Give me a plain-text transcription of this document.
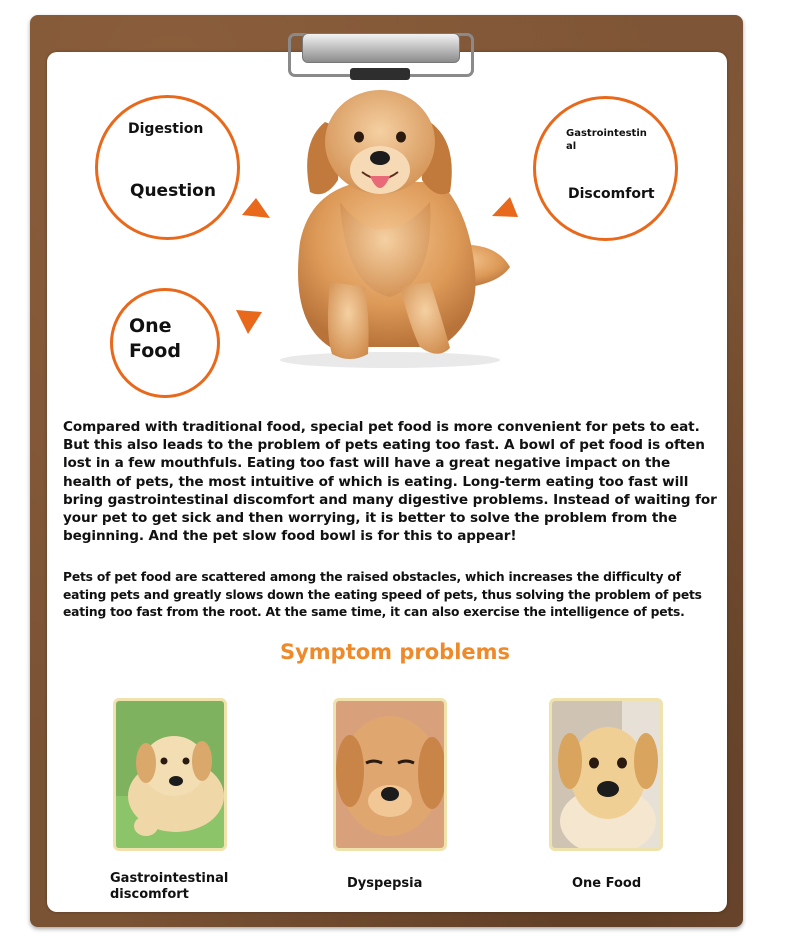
Digestion
Question
Gastrointestin
al
Discomfort
One
Food

Compared with traditional food, special pet food is more convenient for pets to eat. But this also leads to the problem of pets eating too fast. A bowl of pet food is often lost in a few mouthfuls. Eating too fast will have a great negative impact on the health of pets, the most intuitive of which is eating. Long-term eating too fast will bring gastrointestinal discomfort and many digestive problems. Instead of waiting for your pet to get sick and then worrying, it is better to solve the problem from the beginning. And the pet slow food bowl is for this to appear!

Pets of pet food are scattered among the raised obstacles, which increases the difficulty of eating pets and greatly slows down the eating speed of pets, thus solving the problem of pets eating too fast from the root. At the same time, it can also exercise the intelligence of pets.

Symptom problems
Gastrointestinal
discomfort
Dyspepsia	One Food
